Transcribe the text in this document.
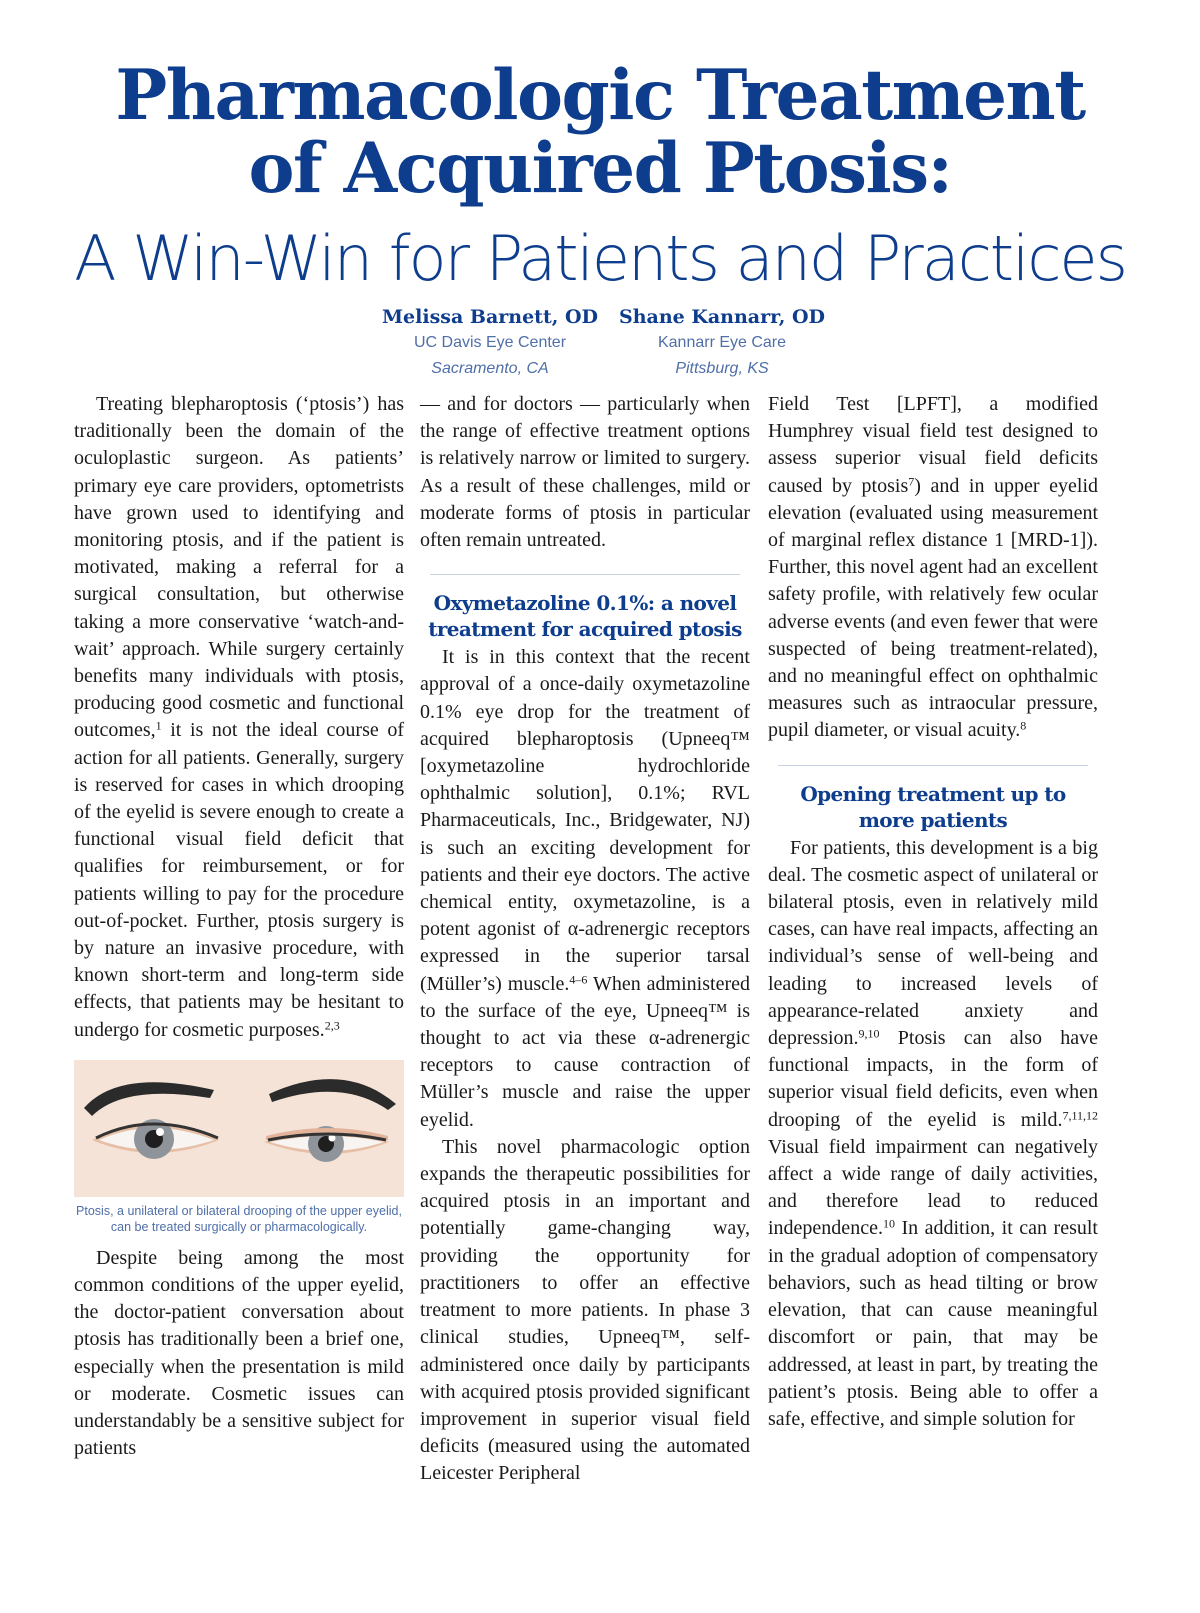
Pharmacologic Treatment
of Acquired Ptosis:
A Win-Win for Patients and Practices
Melissa Barnett, OD
UC Davis Eye Center
Sacramento, CA
Shane Kannarr, OD
Kannarr Eye Care
Pittsburg, KS

Treating blepharoptosis (‘ptosis’) has traditionally been the domain of the oculoplastic surgeon. As patients’ primary eye care providers, optometrists have grown used to identifying and monitoring ptosis, and if the patient is motivated, making a referral for a surgical consultation, but otherwise taking a more conservative ‘watch-and-wait’ approach. While surgery certainly benefits many individuals with ptosis, producing good cosmetic and functional outcomes,$^1$ it is not the ideal course of action for all patients. Generally, surgery is reserved for cases in which drooping of the eyelid is severe enough to create a functional visual field deficit that qualifies for reimbursement, or for patients willing to pay for the procedure out-of-pocket. Further, ptosis surgery is by nature an invasive procedure, with known short-term and long-term side effects, that patients may be hesitant to undergo for cosmetic purposes.$^{2,3}$

Ptosis, a unilateral or bilateral drooping of the upper eyelid, can be treated surgically or pharmacologically.

Despite being among the most common conditions of the upper eyelid, the doctor-patient conversation about ptosis has traditionally been a brief one, especially when the presentation is mild or moderate. Cosmetic issues can understandably be a sensitive subject for patients

— and for doctors — particularly when the range of effective treatment options is relatively narrow or limited to surgery. As a result of these challenges, mild or moderate forms of ptosis in particular often remain untreated.

Oxymetazoline 0.1%: a novel
treatment for acquired ptosis

It is in this context that the recent approval of a once-daily oxymetazoline 0.1% eye drop for the treatment of acquired blepharoptosis (Upneeq™ [oxymetazoline hydrochloride ophthalmic solution], 0.1%; RVL Pharmaceuticals, Inc., Bridgewater, NJ) is such an exciting development for patients and their eye doctors. The active chemical entity, oxymetazoline, is a potent agonist of α-adrenergic receptors expressed in the superior tarsal (Müller’s) muscle.$^{4-6}$ When administered to the surface of the eye, Upneeq™ is thought to act via these α-adrenergic receptors to cause contraction of Müller’s muscle and raise the upper eyelid.

This novel pharmacologic option expands the therapeutic possibilities for acquired ptosis in an important and potentially game-changing way, providing the opportunity for practitioners to offer an effective treatment to more patients. In phase 3 clinical studies, Upneeq™, self-administered once daily by participants with acquired ptosis provided significant improvement in superior visual field deficits (measured using the automated Leicester Peripheral

Field Test [LPFT], a modified Humphrey visual field test designed to assess superior visual field deficits caused by ptosis$^7$) and in upper eyelid elevation (evaluated using measurement of marginal reflex distance 1 [MRD-1]). Further, this novel agent had an excellent safety profile, with relatively few ocular adverse events (and even fewer that were suspected of being treatment-related), and no meaningful effect on ophthalmic measures such as intraocular pressure, pupil diameter, or visual acuity.$^8$

Opening treatment up to
more patients

For patients, this development is a big deal. The cosmetic aspect of unilateral or bilateral ptosis, even in relatively mild cases, can have real impacts, affecting an individual’s sense of well-being and leading to increased levels of appearance-related anxiety and depression.$^{9,10}$ Ptosis can also have functional impacts, in the form of superior visual field deficits, even when drooping of the eyelid is mild.$^{7,11,12}$ Visual field impairment can negatively affect a wide range of daily activities, and therefore lead to reduced independence.$^{10}$ In addition, it can result in the gradual adoption of compensatory behaviors, such as head tilting or brow elevation, that can cause meaningful discomfort or pain, that may be addressed, at least in part, by treating the patient’s ptosis. Being able to offer a safe, effective, and simple solution for
